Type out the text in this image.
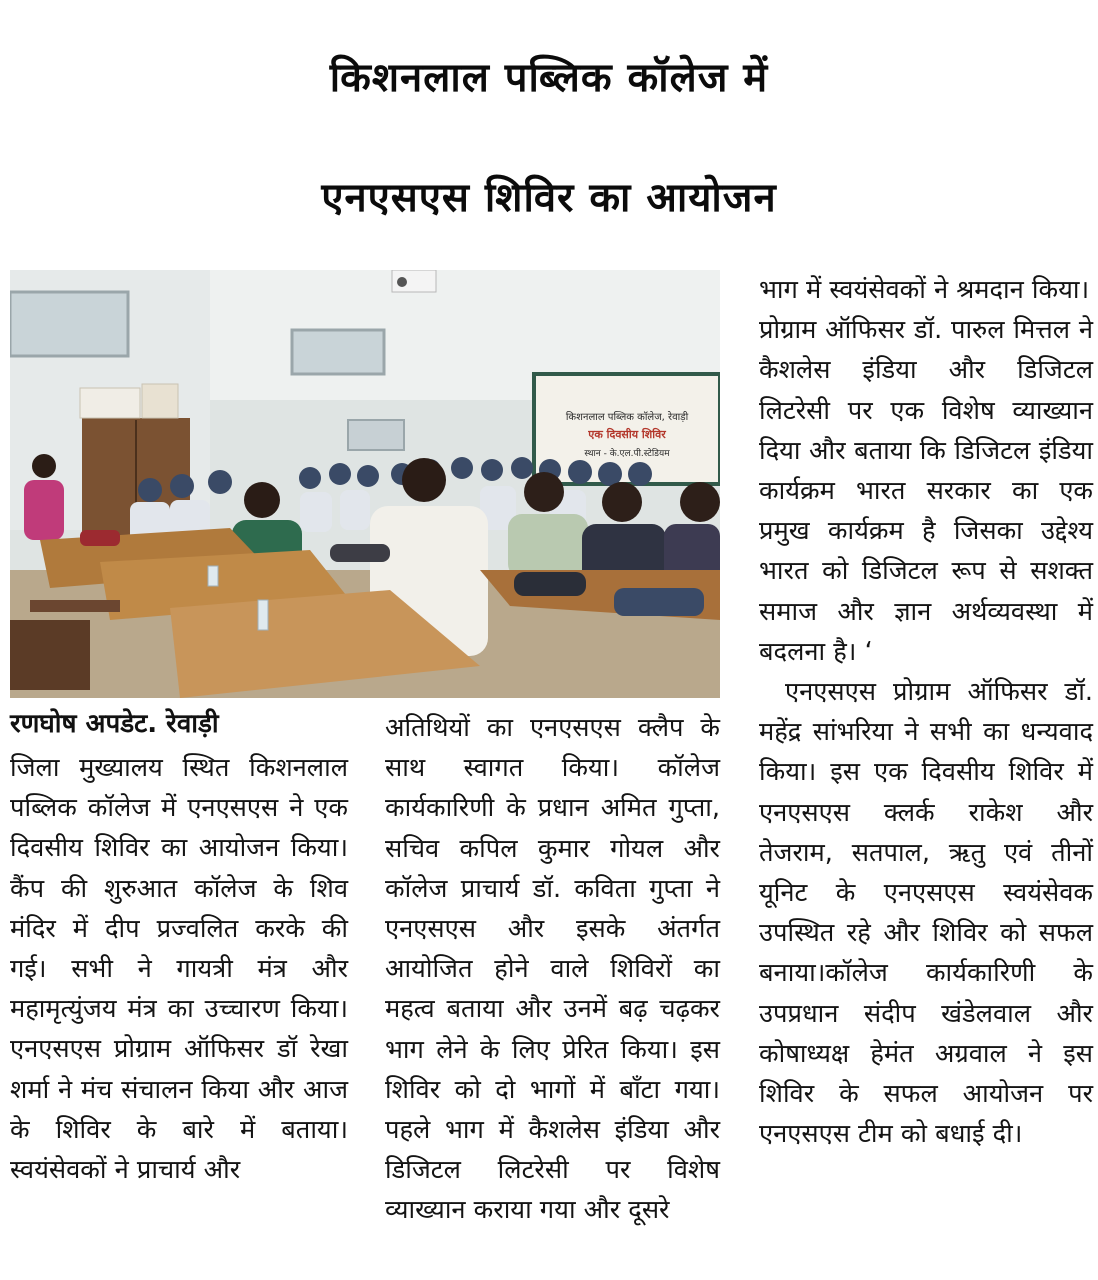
किशनलाल पब्लिक कॉलेज में
एनएसएस शिविर का आयोजन
किशनलाल पब्लिक कॉलेज, रेवाड़ी
एक दिवसीय शिविर
स्थान - के.एल.पी.स्टेडियम
रणघोष अपडेट. रेवाड़ी

जिला मुख्यालय स्थित किशनलाल पब्लिक कॉलेज में एनएसएस ने एक दिवसीय शिविर का आयोजन किया। कैंप की शुरुआत कॉलेज के शिव मंदिर में दीप प्रज्वलित करके की गई। सभी ने गायत्री मंत्र और महामृत्युंजय मंत्र का उच्चारण किया। एनएसएस प्रोग्राम ऑफिसर डॉ रेखा शर्मा ने मंच संचालन किया और आज के शिविर के बारे में बताया। स्वयंसेवकों ने प्राचार्य और

अतिथियों का एनएसएस क्लैप के साथ स्वागत किया। कॉलेज कार्यकारिणी के प्रधान अमित गुप्ता, सचिव कपिल कुमार गोयल और कॉलेज प्राचार्य डॉ. कविता गुप्ता ने एनएसएस और इसके अंतर्गत आयोजित होने वाले शिविरों का महत्व बताया और उनमें बढ़ चढ़कर भाग लेने के लिए प्रेरित किया। इस शिविर को दो भागों में बाँटा गया। पहले भाग में कैशलेस इंडिया और डिजिटल लिटरेसी पर विशेष व्याख्यान कराया गया और दूसरे

भाग में स्वयंसेवकों ने श्रमदान किया।

प्रोग्राम ऑफिसर डॉ. पारुल मित्तल ने कैशलेस इंडिया और डिजिटल लिटरेसी पर एक विशेष व्याख्यान दिया और बताया कि डिजिटल इंडिया कार्यक्रम भारत सरकार का एक प्रमुख कार्यक्रम है जिसका उद्देश्य भारत को डिजिटल रूप से सशक्त समाज और ज्ञान अर्थव्यवस्था में बदलना है। ‘

एनएसएस प्रोग्राम ऑफिसर डॉ. महेंद्र सांभरिया ने सभी का धन्यवाद किया। इस एक दिवसीय शिविर में एनएसएस क्लर्क राकेश और तेजराम, सतपाल, ऋतु एवं तीनों यूनिट के एनएसएस स्वयंसेवक उपस्थित रहे और शिविर को सफल बनाया।कॉलेज कार्यकारिणी के उपप्रधान संदीप खंडेलवाल और कोषाध्यक्ष हेमंत अग्रवाल ने इस शिविर के सफल आयोजन पर एनएसएस टीम को बधाई दी।
